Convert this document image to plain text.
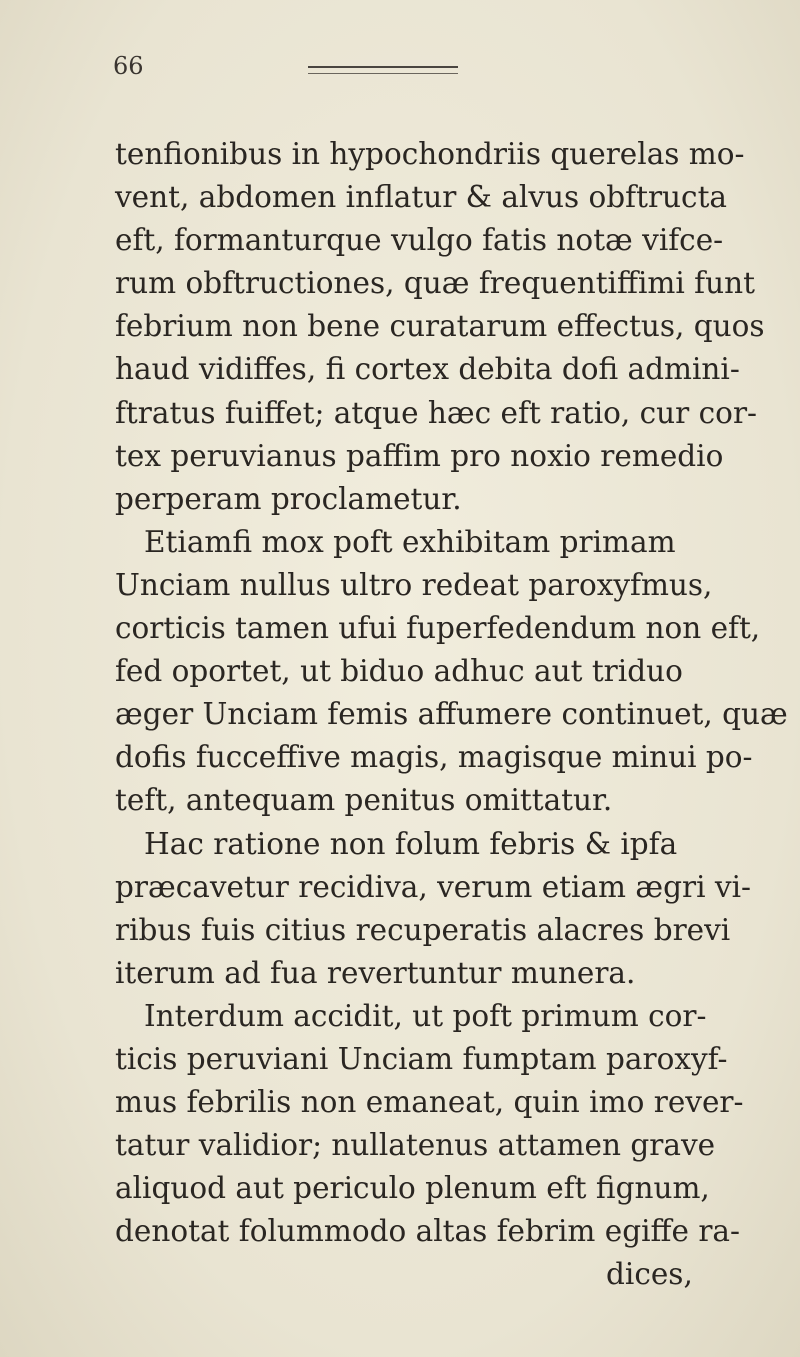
66
tenfionibus in hypochondriis querelas mo-
vent, abdomen inflatur & alvus obftructa
eft, formanturque vulgo fatis notæ vifce-
rum obftructiones, quæ frequentiffimi funt
febrium non bene curatarum effectus, quos
haud vidiffes, fi cortex debita dofi admini-
ftratus fuiffet; atque hæc eft ratio, cur cor-
tex peruvianus paffim pro noxio remedio
perperam proclametur.
Etiamfi mox poft exhibitam primam
Unciam nullus ultro redeat paroxyfmus,
corticis tamen ufui fuperfedendum non eft,
fed oportet, ut biduo adhuc aut triduo
æger Unciam femis affumere continuet, quæ
dofis fucceffive magis, magisque minui po-
teft, antequam penitus omittatur.
Hac ratione non folum febris & ipfa
præcavetur recidiva, verum etiam ægri vi-
ribus fuis citius recuperatis alacres brevi
iterum ad fua revertuntur munera.
Interdum accidit, ut poft primum cor-
ticis peruviani Unciam fumptam paroxyf-
mus febrilis non emaneat, quin imo rever-
tatur validior; nullatenus attamen grave
aliquod aut periculo plenum eft fignum,
denotat folummodo altas febrim egiffe ra-
dices,
